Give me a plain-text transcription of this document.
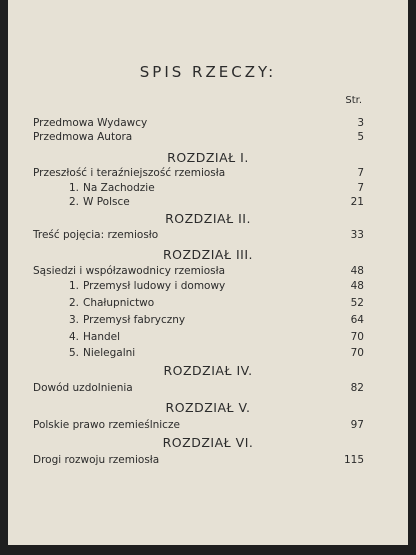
SPIS RZECZY:
Str.
Przedmowa Wydawcy	3
Przedmowa Autora	5
ROZDZIAŁ I.
Przeszłość i teraźniejszość rzemiosła	7
1. Na Zachodzie	7
2. W Polsce	21
ROZDZIAŁ II.
Treść pojęcia: rzemiosło	33
ROZDZIAŁ III.
Sąsiedzi i współzawodnicy rzemiosła	48
1. Przemysł ludowy i domowy	48
2. Chałupnictwo	52
3. Przemysł fabryczny	64
4. Handel	70
5. Nielegalni	70
ROZDZIAŁ IV.
Dowód uzdolnienia	82
ROZDZIAŁ V.
Polskie prawo rzemieślnicze	97
ROZDZIAŁ VI.
Drogi rozwoju rzemiosła	115
